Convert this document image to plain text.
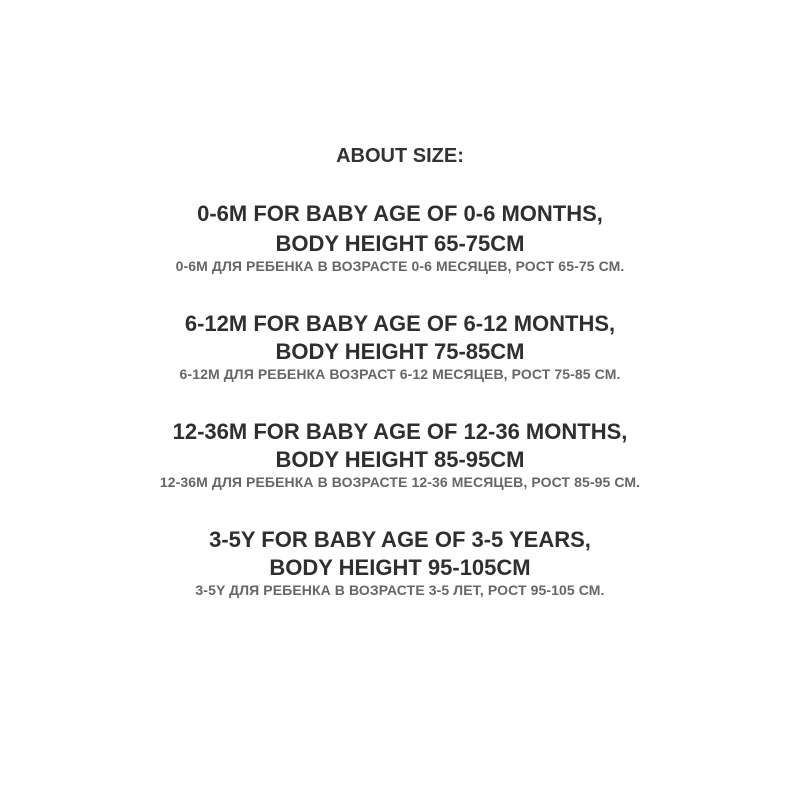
ABOUT SIZE:
0-6M FOR BABY AGE OF 0-6 MONTHS,
BODY HEIGHT 65-75CM
0-6M ДЛЯ РЕБЕНКА В ВОЗРАСТЕ 0-6 МЕСЯЦЕВ, РОСТ 65-75 СМ.
6-12M FOR BABY AGE OF 6-12 MONTHS,
BODY HEIGHT 75-85CM
6-12M ДЛЯ РЕБЕНКА ВОЗРАСТ 6-12 МЕСЯЦЕВ, РОСТ 75-85 СМ.
12-36M FOR BABY AGE OF 12-36 MONTHS,
BODY HEIGHT 85-95CM
12-36M ДЛЯ РЕБЕНКА В ВОЗРАСТЕ 12-36 МЕСЯЦЕВ, РОСТ 85-95 СМ.
3-5Y FOR BABY AGE OF 3-5 YEARS,
BODY HEIGHT 95-105CM
3-5Y ДЛЯ РЕБЕНКА В ВОЗРАСТЕ 3-5 ЛЕТ, РОСТ 95-105 СМ.
